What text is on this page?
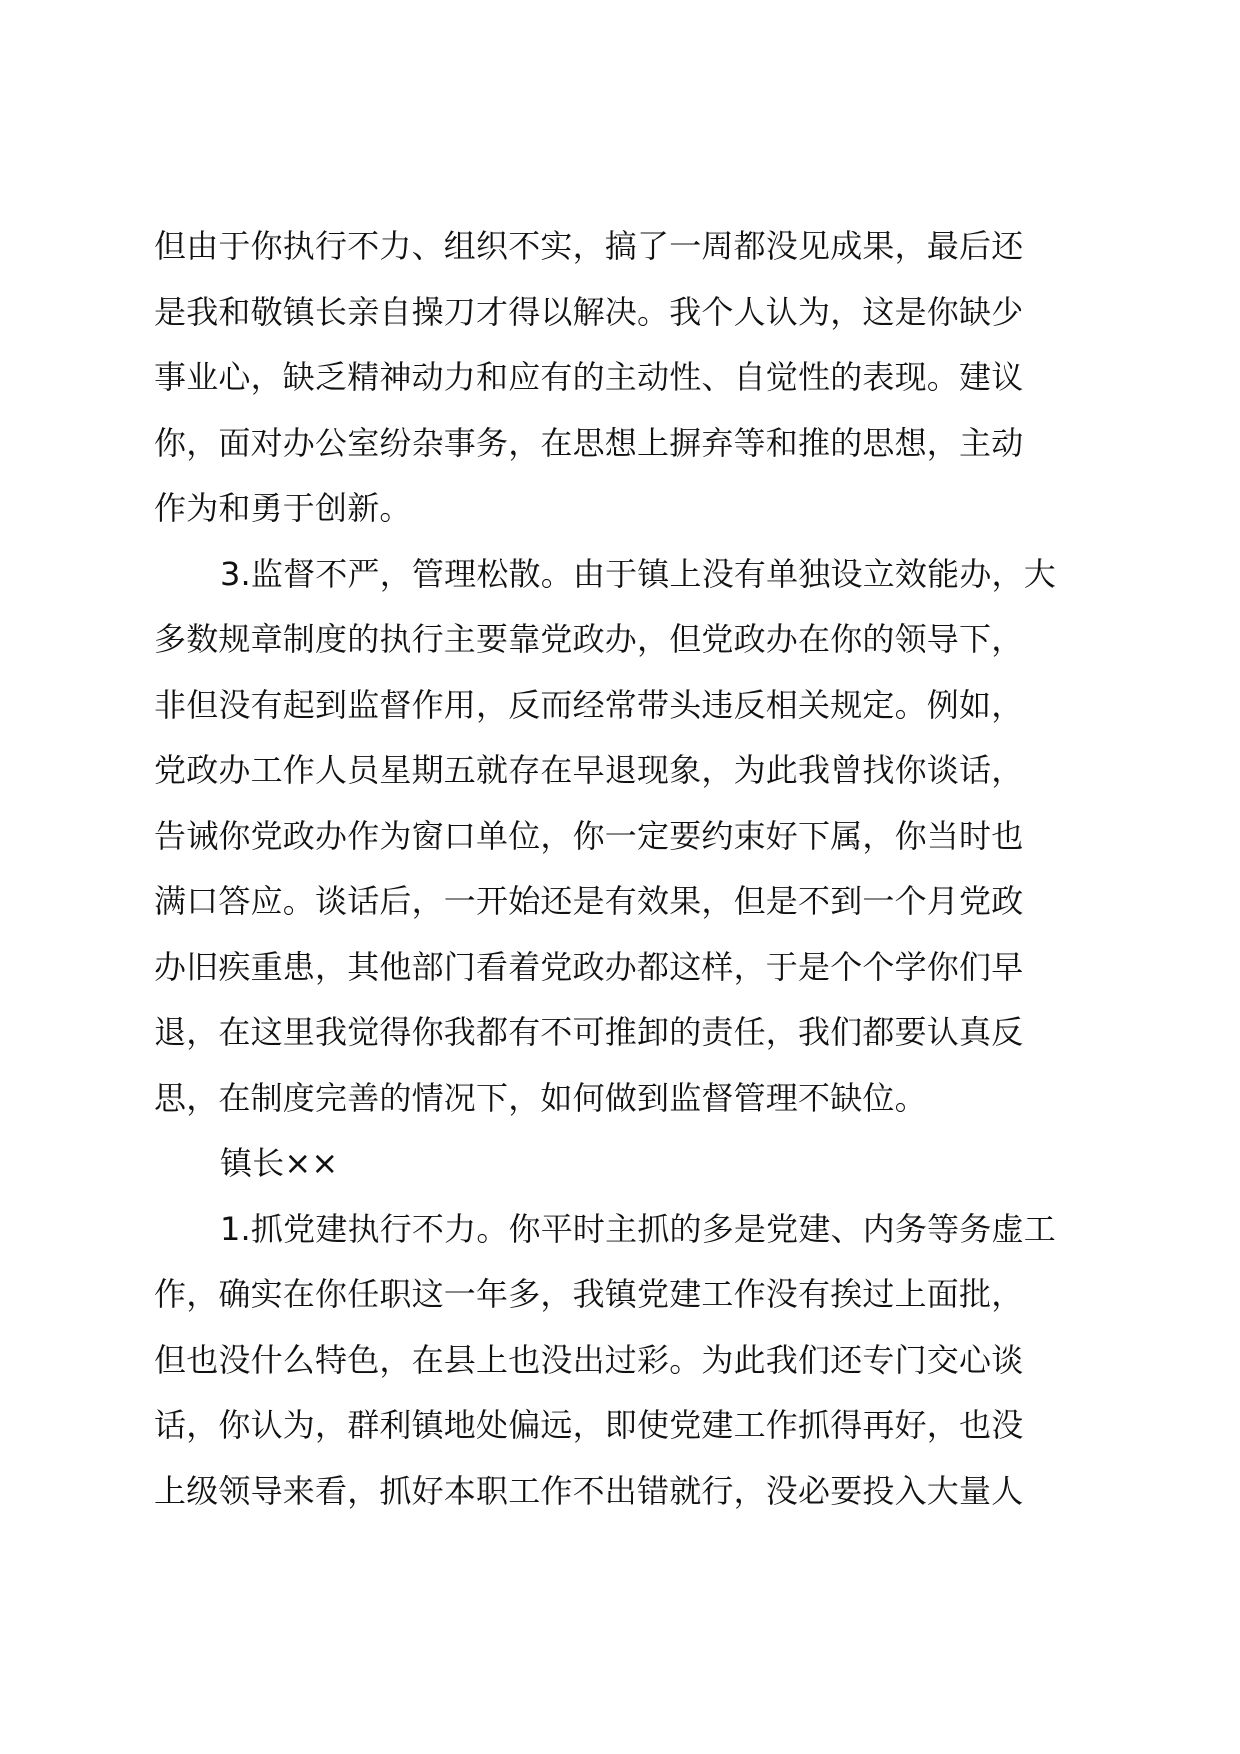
但由于你执行不力、组织不实，搞了一周都没见成果，最后还

是我和敬镇长亲自操刀才得以解决。我个人认为，这是你缺少

事业心，缺乏精神动力和应有的主动性、自觉性的表现。建议

你，面对办公室纷杂事务，在思想上摒弃等和推的思想，主动

作为和勇于创新。

3.监督不严，管理松散。由于镇上没有单独设立效能办，大

多数规章制度的执行主要靠党政办，但党政办在你的领导下，

非但没有起到监督作用，反而经常带头违反相关规定。例如，

党政办工作人员星期五就存在早退现象，为此我曾找你谈话，

告诫你党政办作为窗口单位，你一定要约束好下属，你当时也

满口答应。谈话后，一开始还是有效果，但是不到一个月党政

办旧疾重患，其他部门看着党政办都这样，于是个个学你们早

退，在这里我觉得你我都有不可推卸的责任，我们都要认真反

思，在制度完善的情况下，如何做到监督管理不缺位。

镇长××

1.抓党建执行不力。你平时主抓的多是党建、内务等务虚工

作，确实在你任职这一年多，我镇党建工作没有挨过上面批，

但也没什么特色，在县上也没出过彩。为此我们还专门交心谈

话，你认为，群利镇地处偏远，即使党建工作抓得再好，也没

上级领导来看，抓好本职工作不出错就行，没必要投入大量人
